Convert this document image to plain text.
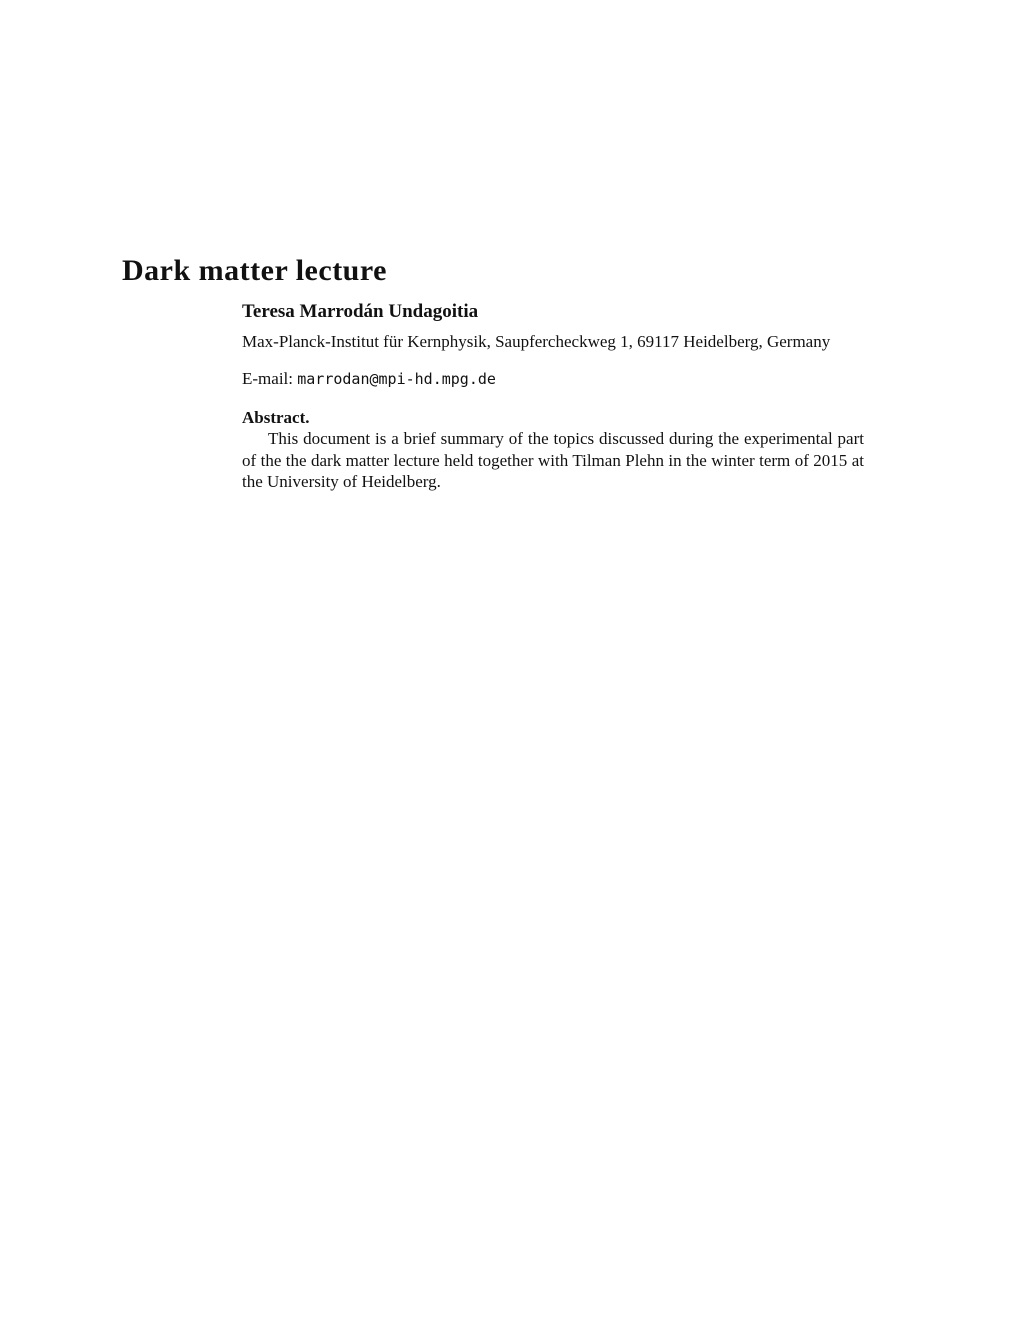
Dark matter lecture

Teresa Marrodán Undagoitia

Max-Planck-Institut für Kernphysik, Saupfercheckweg 1, 69117 Heidelberg, Germany

E-mail: marrodan@mpi-hd.mpg.de

Abstract.

This document is a brief summary of the topics discussed during the experimental part of the the dark matter lecture held together with Tilman Plehn in the winter term of 2015 at the University of Heidelberg.
